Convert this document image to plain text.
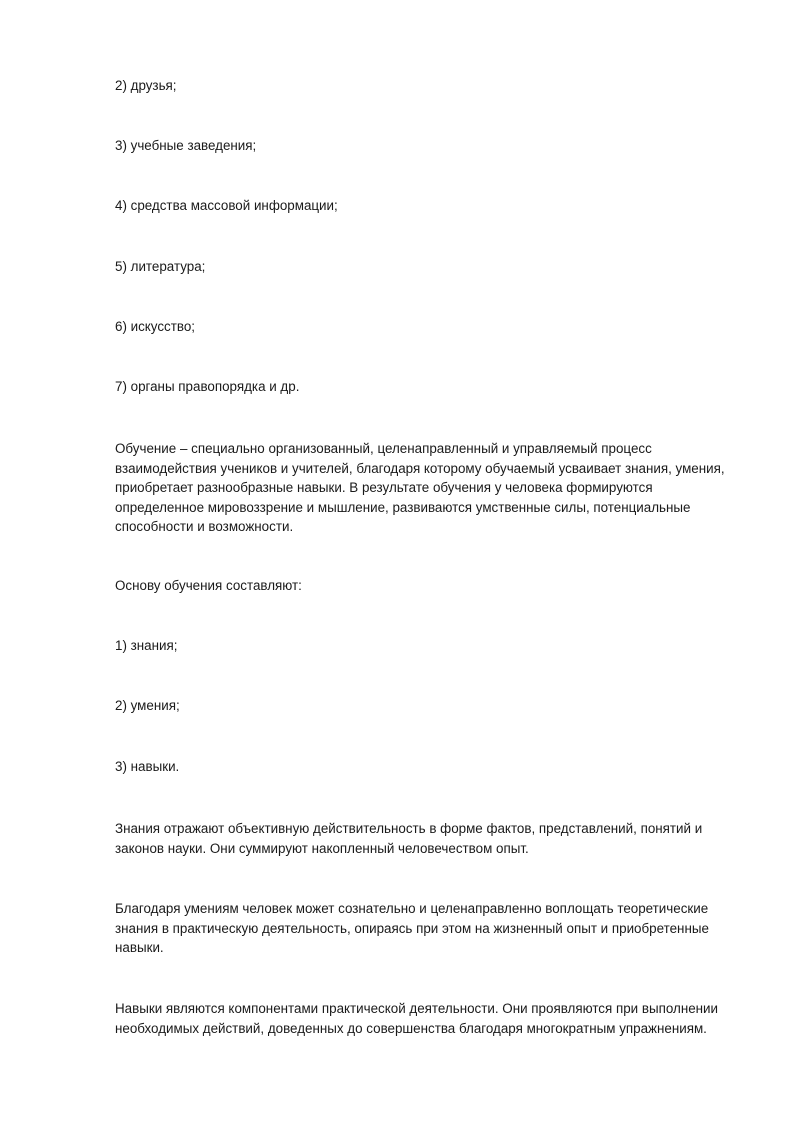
2) друзья;
3) учебные заведения;
4) средства массовой информации;
5) литература;
6) искусство;
7) органы правопорядка и др.
Обучение – специально организованный, целенаправленный и управляемый процесс
взаимодействия учеников и учителей, благодаря которому обучаемый усваивает знания, умения,
приобретает разнообразные навыки. В результате обучения у человека формируются
определенное мировоззрение и мышление, развиваются умственные силы, потенциальные
способности и возможности.
Основу обучения составляют:
1) знания;
2) умения;
3) навыки.
Знания отражают объективную действительность в форме фактов, представлений, понятий и
законов науки. Они суммируют накопленный человечеством опыт.
Благодаря умениям человек может сознательно и целенаправленно воплощать теоретические
знания в практическую деятельность, опираясь при этом на жизненный опыт и приобретенные
навыки.
Навыки являются компонентами практической деятельности. Они проявляются при выполнении
необходимых действий, доведенных до совершенства благодаря многократным упражнениям.
